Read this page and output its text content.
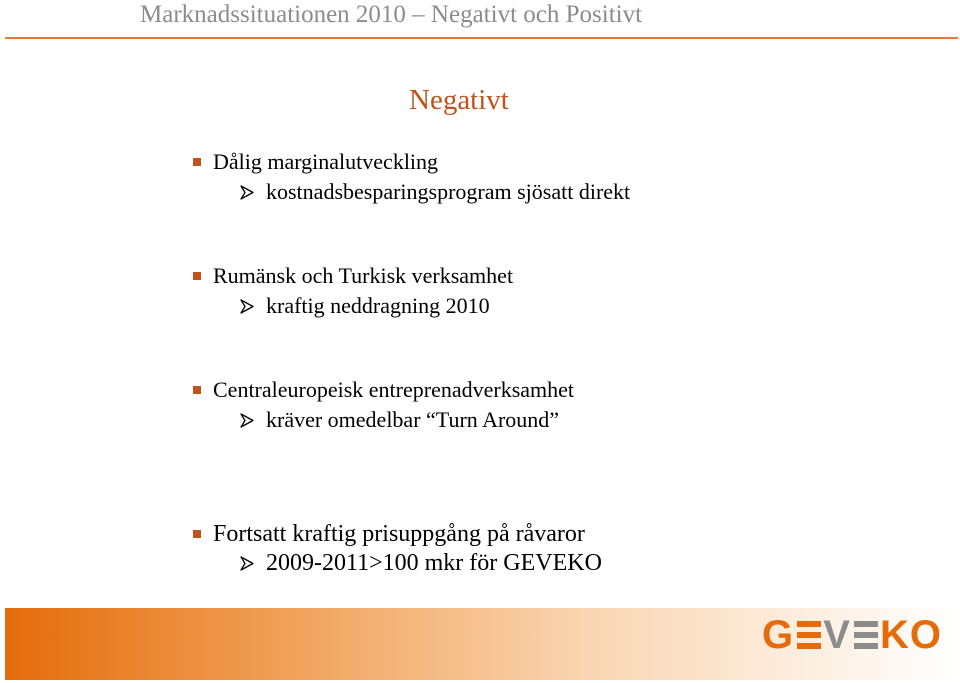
Marknadssituationen 2010 – Negativt och Positivt
Negativt
Dålig marginalutveckling
kostnadsbesparingsprogram sjösatt direkt
Rumänsk och Turkisk verksamhet
kraftig neddragning 2010
Centraleuropeisk entreprenadverksamhet
kräver omedelbar “Turn Around”
Fortsatt kraftig prisuppgång på råvaror
2009-2011>100 mkr för GEVEKO
G V KO
